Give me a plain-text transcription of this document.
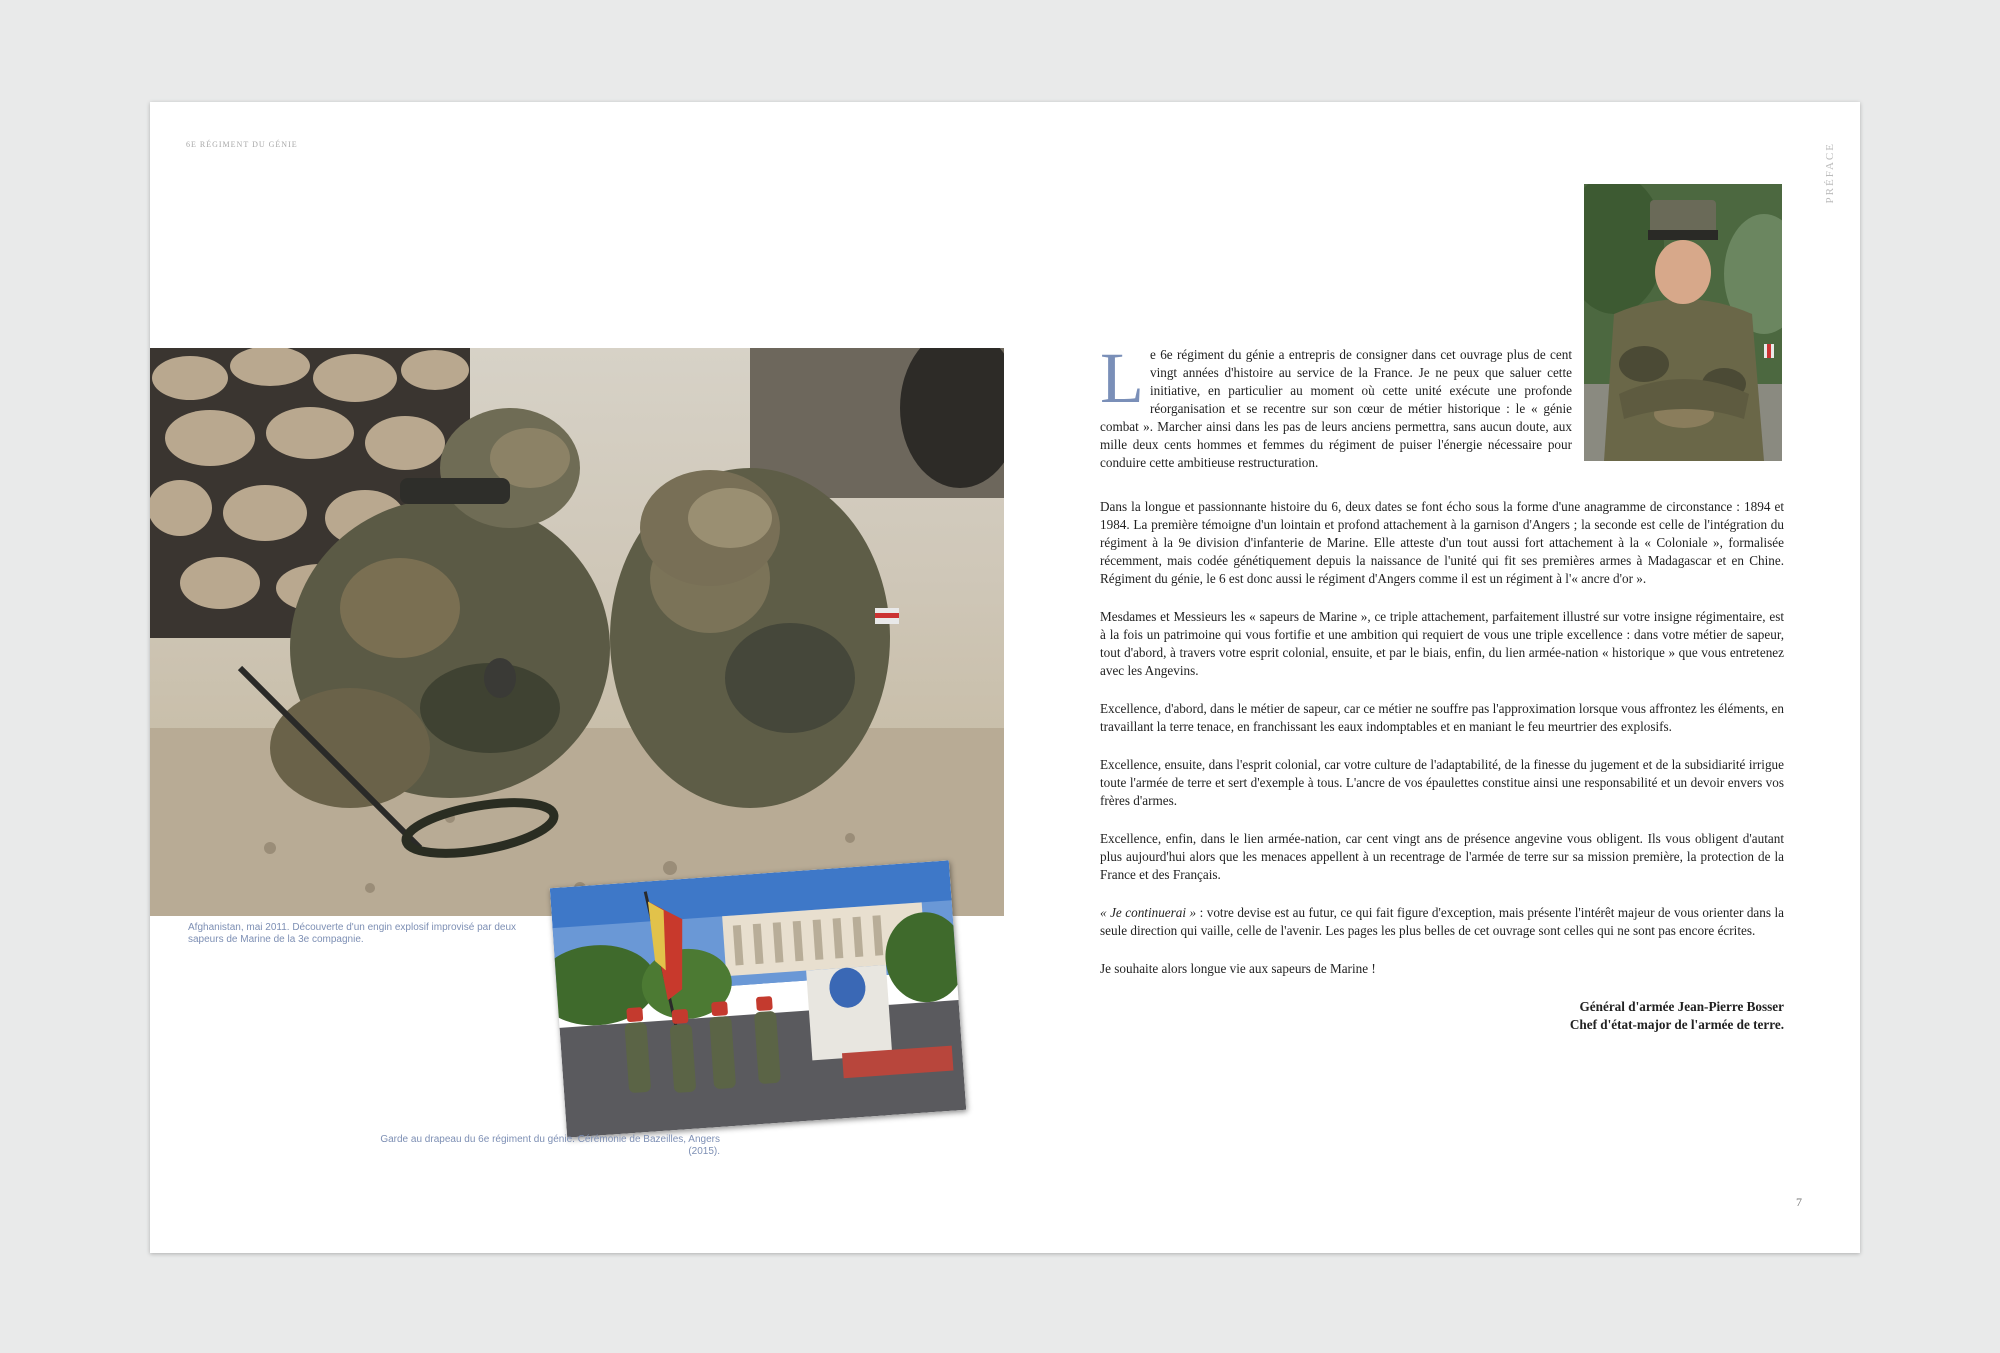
6E RÉGIMENT DU GÉNIE	PRÉFACE
Afghanistan, mai 2011. Découverte d'un engin explosif improvisé par deux sapeurs de Marine de la 3e compagnie.
Garde au drapeau du 6e régiment du génie. Cérémonie de Bazeilles, Angers (2015).

Le 6e régiment du génie a entrepris de consigner dans cet ouvrage plus de cent vingt années d'histoire au service de la France. Je ne peux que saluer cette initiative, en particulier au moment où cette unité exécute une profonde réorganisation et se recentre sur son cœur de métier historique : le « génie combat ». Marcher ainsi dans les pas de leurs anciens permettra, sans aucun doute, aux mille deux cents hommes et femmes du régiment de puiser l'énergie nécessaire pour conduire cette ambitieuse restructuration.

Dans la longue et passionnante histoire du 6, deux dates se font écho sous la forme d'une anagramme de circonstance : 1894 et 1984. La première témoigne d'un lointain et profond attachement à la garnison d'Angers ; la seconde est celle de l'intégration du régiment à la 9e division d'infanterie de Marine. Elle atteste d'un tout aussi fort attachement à la « Coloniale », formalisée récemment, mais codée génétiquement depuis la naissance de l'unité qui fit ses premières armes à Madagascar et en Chine. Régiment du génie, le 6 est donc aussi le régiment d'Angers comme il est un régiment à l'« ancre d'or ».

Mesdames et Messieurs les « sapeurs de Marine », ce triple attachement, parfaitement illustré sur votre insigne régimentaire, est à la fois un patrimoine qui vous fortifie et une ambition qui requiert de vous une triple excellence : dans votre métier de sapeur, tout d'abord, à travers votre esprit colonial, ensuite, et par le biais, enfin, du lien armée-nation « historique » que vous entretenez avec les Angevins.

Excellence, d'abord, dans le métier de sapeur, car ce métier ne souffre pas l'approximation lorsque vous affrontez les éléments, en travaillant la terre tenace, en franchissant les eaux indomptables et en maniant le feu meurtrier des explosifs.

Excellence, ensuite, dans l'esprit colonial, car votre culture de l'adaptabilité, de la finesse du jugement et de la subsidiarité irrigue toute l'armée de terre et sert d'exemple à tous. L'ancre de vos épaulettes constitue ainsi une responsabilité et un devoir envers vos frères d'armes.

Excellence, enfin, dans le lien armée-nation, car cent vingt ans de présence angevine vous obligent. Ils vous obligent d'autant plus aujourd'hui alors que les menaces appellent à un recentrage de l'armée de terre sur sa mission première, la protection de la France et des Français.

« Je continuerai » : votre devise est au futur, ce qui fait figure d'exception, mais présente l'intérêt majeur de vous orienter dans la seule direction qui vaille, celle de l'avenir. Les pages les plus belles de cet ouvrage sont celles qui ne sont pas encore écrites.

Je souhaite alors longue vie aux sapeurs de Marine !

Général d'armée Jean-Pierre Bosser
Chef d'état-major de l'armée de terre.
7
